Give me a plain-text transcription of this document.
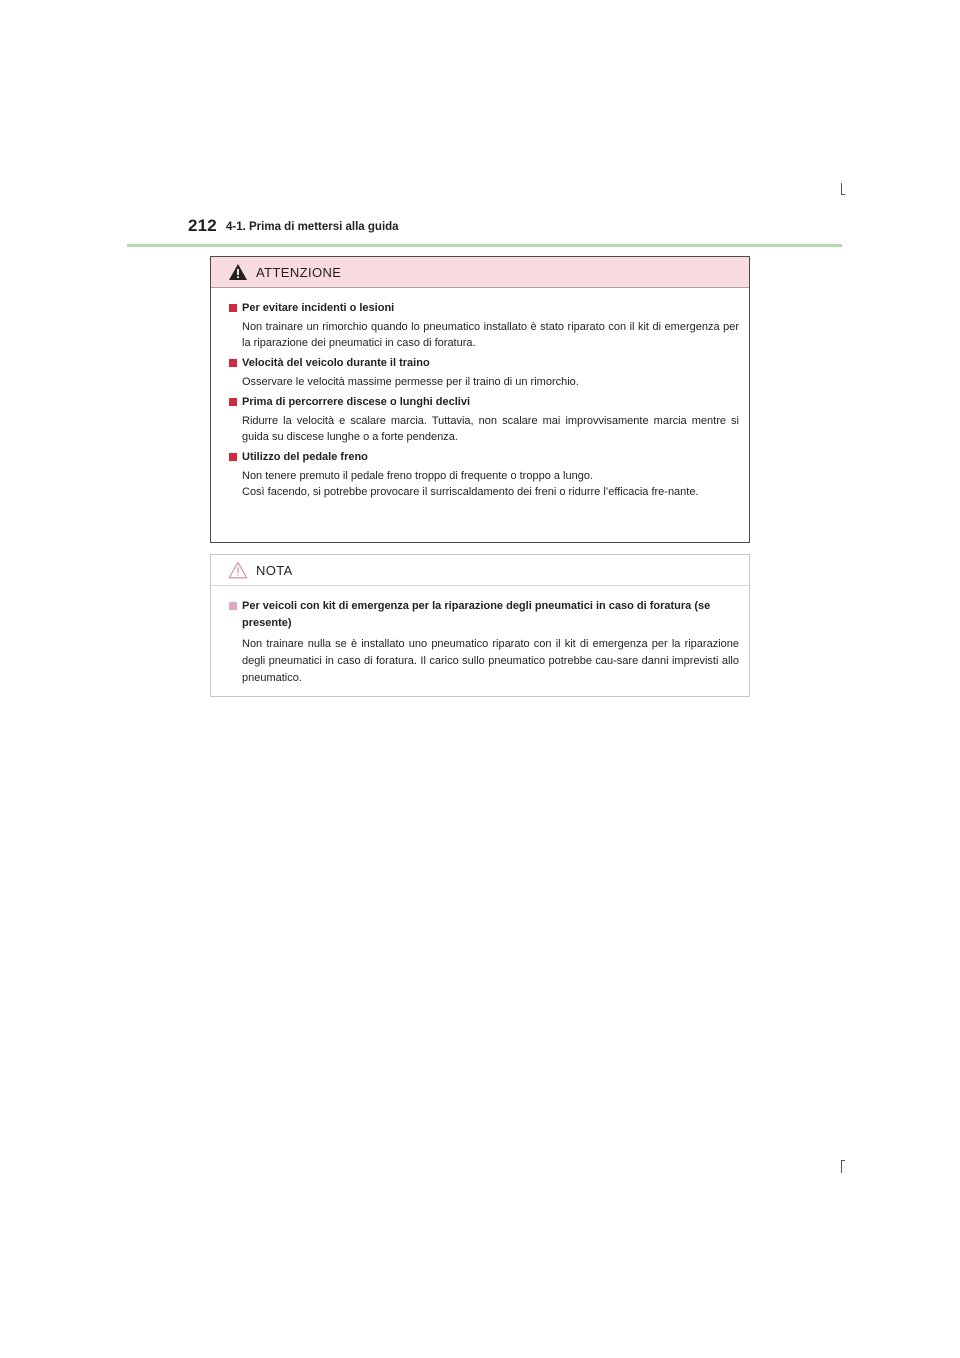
212 4-1. Prima di mettersi alla guida
ATTENZIONE
Per evitare incidenti o lesioni
Non trainare un rimorchio quando lo pneumatico installato è stato riparato con il kit di emergenza per la riparazione dei pneumatici in caso di foratura.
Velocità del veicolo durante il traino
Osservare le velocità massime permesse per il traino di un rimorchio.
Prima di percorrere discese o lunghi declivi
Ridurre la velocità e scalare marcia. Tuttavia, non scalare mai improvvisamente marcia mentre si guida su discese lunghe o a forte pendenza.
Utilizzo del pedale freno
Non tenere premuto il pedale freno troppo di frequente o troppo a lungo.
Così facendo, si potrebbe provocare il surriscaldamento dei freni o ridurre l’efficacia fre-nante.
NOTA
Per veicoli con kit di emergenza per la riparazione degli pneumatici in caso di foratura (se presente)
Non trainare nulla se è installato uno pneumatico riparato con il kit di emergenza per la riparazione degli pneumatici in caso di foratura. Il carico sullo pneumatico potrebbe cau-sare danni imprevisti allo pneumatico.
